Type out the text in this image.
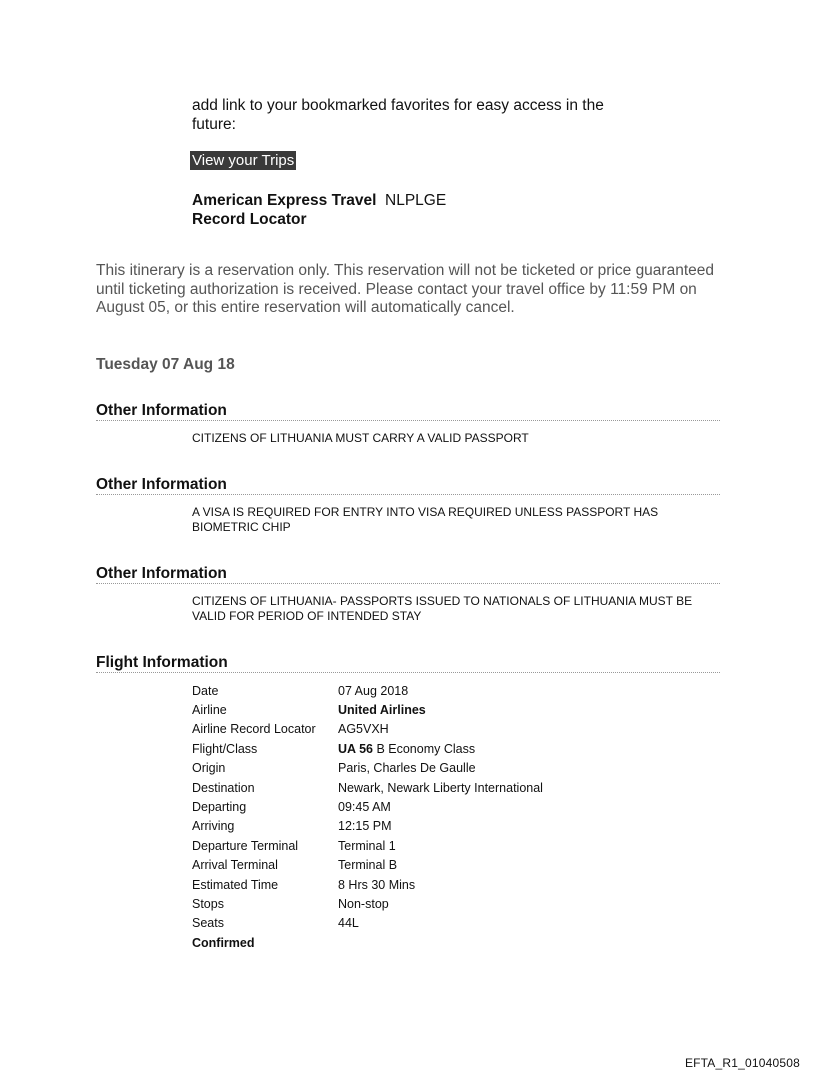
add link to your bookmarked favorites for easy access in the future:
View your Trips
American Express Travel NLPLGE
Record Locator
This itinerary is a reservation only. This reservation will not be ticketed or price guaranteed until ticketing authorization is received. Please contact your travel office by 11:59 PM on August 05, or this entire reservation will automatically cancel.
Tuesday 07 Aug 18
Other Information
CITIZENS OF LITHUANIA MUST CARRY A VALID PASSPORT
Other Information
A VISA IS REQUIRED FOR ENTRY INTO VISA REQUIRED UNLESS PASSPORT HAS BIOMETRIC CHIP
Other Information
CITIZENS OF LITHUANIA- PASSPORTS ISSUED TO NATIONALS OF LITHUANIA MUST BE VALID FOR PERIOD OF INTENDED STAY
Flight Information
Date	07 Aug 2018
Airline	United Airlines
Airline Record Locator	AG5VXH
Flight/Class	UA 56 B Economy Class
Origin	Paris, Charles De Gaulle
Destination	Newark, Newark Liberty International
Departing	09:45 AM
Arriving	12:15 PM
Departure Terminal	Terminal 1
Arrival Terminal	Terminal B
Estimated Time	8 Hrs 30 Mins
Stops	Non-stop
Seats	44L
Confirmed	
EFTA_R1_01040508
